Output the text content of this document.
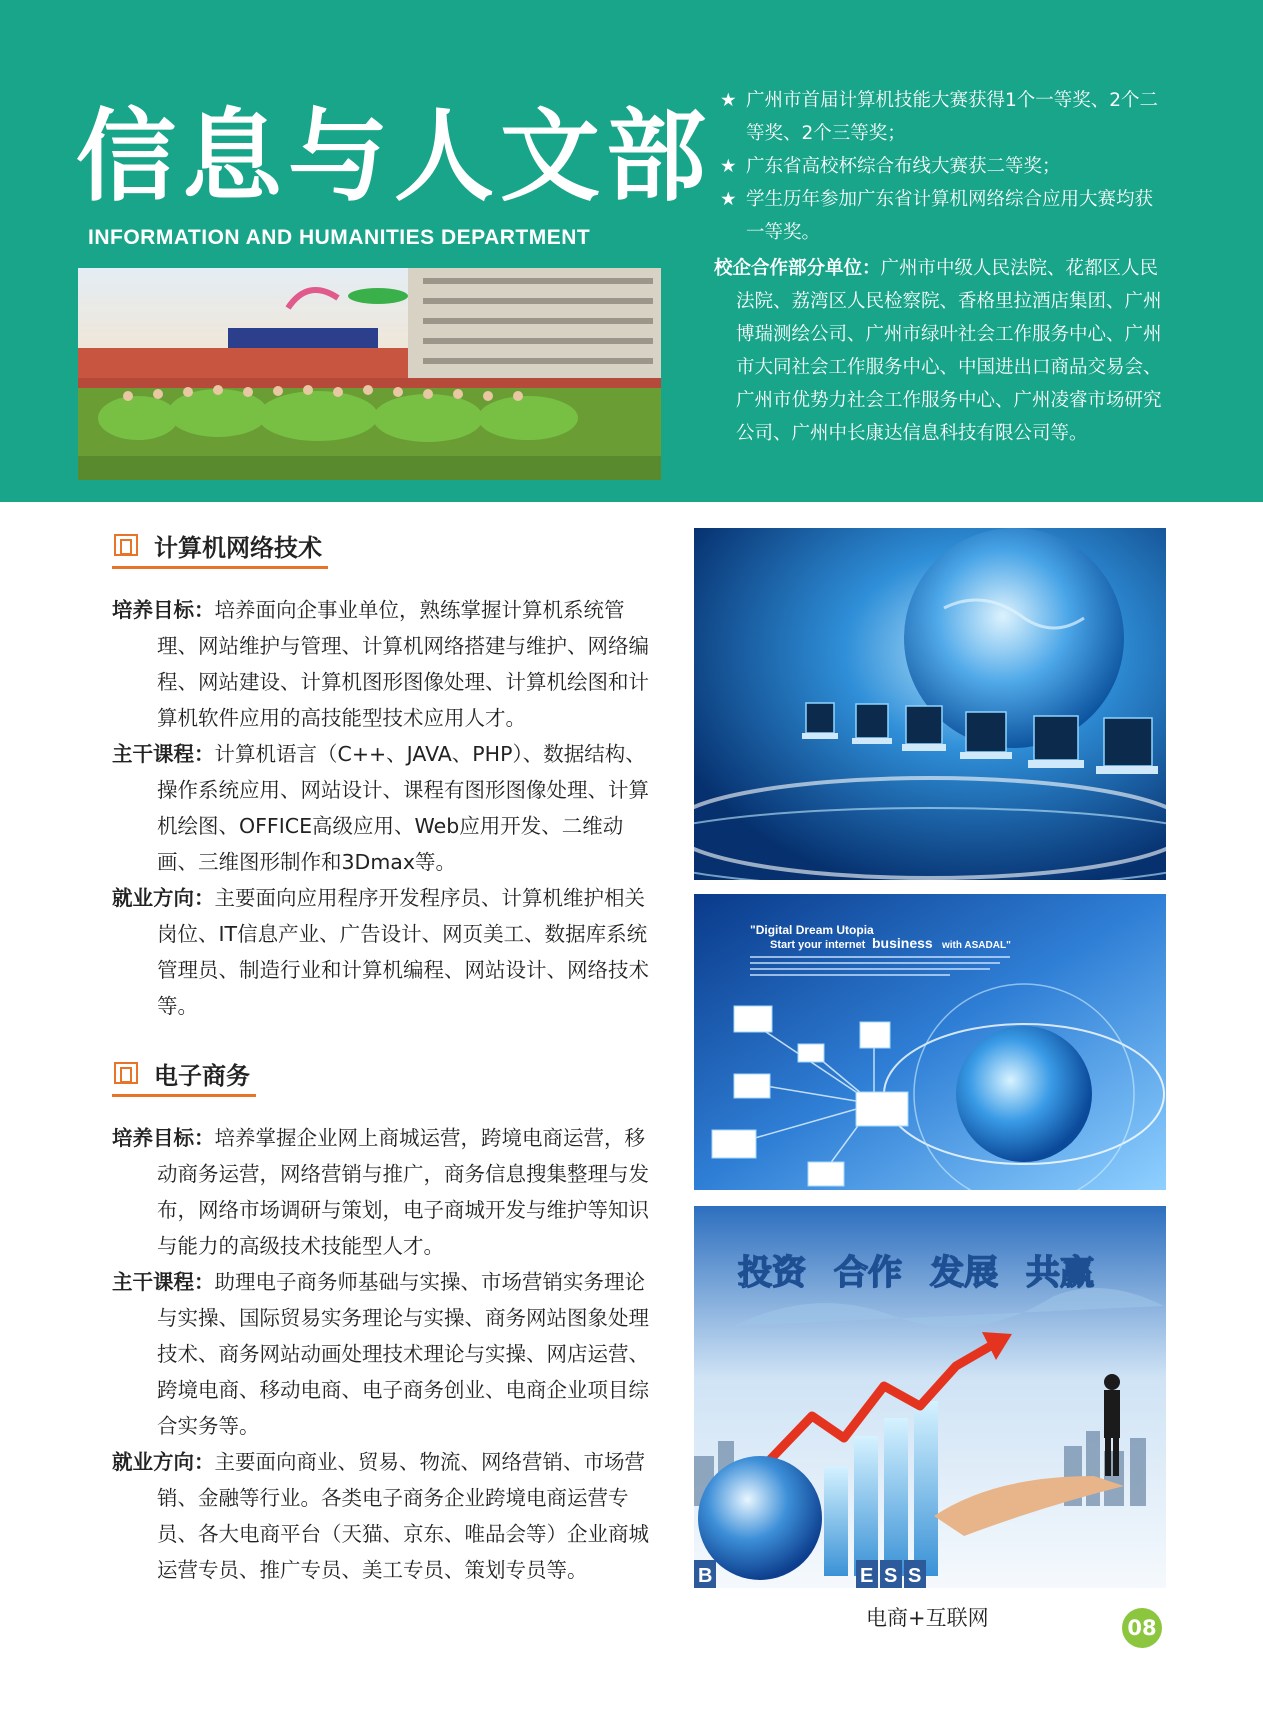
信息与人文部
INFORMATION AND HUMANITIES DEPARTMENT
★ 广州市首届计算机技能大赛获得1个一等奖、2个二等奖、2个三等奖；
★ 广东省高校杯综合布线大赛获二等奖；
★ 学生历年参加广东省计算机网络综合应用大赛均获一等奖。
校企合作部分单位：广州市中级人民法院、花都区人民法院、荔湾区人民检察院、香格里拉酒店集团、广州博瑞测绘公司、广州市绿叶社会工作服务中心、广州市大同社会工作服务中心、中国进出口商品交易会、广州市优势力社会工作服务中心、广州凌睿市场研究公司、广州中长康达信息科技有限公司等。
计算机网络技术
培养目标：培养面向企事业单位，熟练掌握计算机系统管理、网站维护与管理、计算机网络搭建与维护、网络编程、网站建设、计算机图形图像处理、计算机绘图和计算机软件应用的高技能型技术应用人才。
主干课程：计算机语言（C++、JAVA、PHP）、数据结构、操作系统应用、网站设计、课程有图形图像处理、计算机绘图、OFFICE高级应用、Web应用开发、二维动画、三维图形制作和3Dmax等。
就业方向：主要面向应用程序开发程序员、计算机维护相关岗位、IT信息产业、广告设计、网页美工、数据库系统管理员、制造行业和计算机编程、网站设计、网络技术等。
电子商务
培养目标：培养掌握企业网上商城运营，跨境电商运营，移动商务运营，网络营销与推广，商务信息搜集整理与发布，网络市场调研与策划，电子商城开发与维护等知识与能力的高级技术技能型人才。
主干课程：助理电子商务师基础与实操、市场营销实务理论与实操、国际贸易实务理论与实操、商务网站图象处理技术、商务网站动画处理技术理论与实操、网店运营、跨境电商、移动电商、电子商务创业、电商企业项目综合实务等。
就业方向：主要面向商业、贸易、物流、网络营销、市场营销、金融等行业。各类电子商务企业跨境电商运营专员、各大电商平台（天猫、京东、唯品会等）企业商城运营专员、推广专员、美工专员、策划专员等。
"Digital Dream Utopia
Start your internet business with ASADAL"
投资 合作 发展 共赢
B	E S S
电商+互联网	08
